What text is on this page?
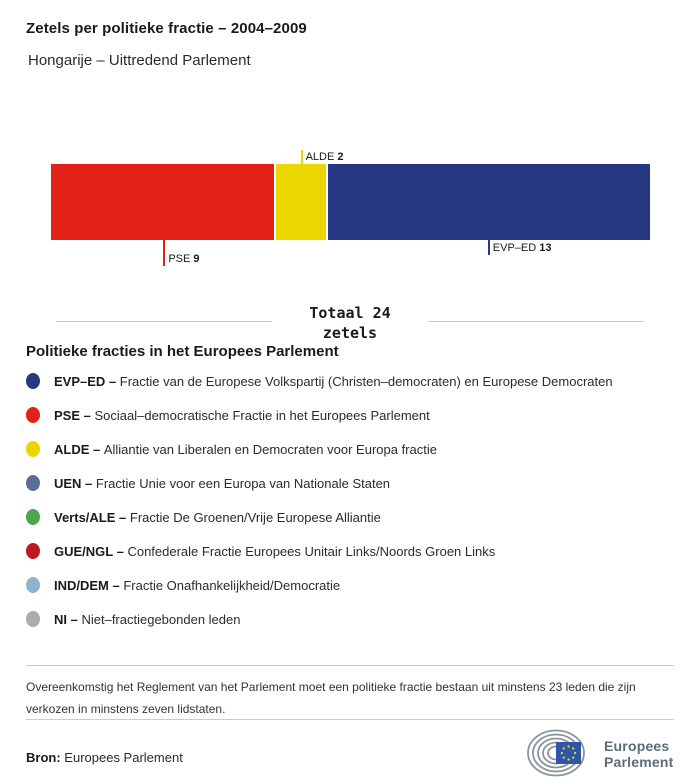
Zetels per politieke fractie – 2004–2009
Hongarije – Uittredend Parlement
PSE 9
ALDE 2
EVP–ED 13
Totaal 24
zetels
Politieke fracties in het Europees Parlement
EVP–ED – Fractie van de Europese Volkspartij (Christen–democraten) en Europese Democraten
PSE – Sociaal–democratische Fractie in het Europees Parlement
ALDE – Alliantie van Liberalen en Democraten voor Europa fractie
UEN – Fractie Unie voor een Europa van Nationale Staten
Verts/ALE – Fractie De Groenen/Vrije Europese Alliantie
GUE/NGL – Confederale Fractie Europees Unitair Links/Noords Groen Links
IND/DEM – Fractie Onafhankelijkheid/Democratie
NI – Niet–fractiegebonden leden
Overeenkomstig het Reglement van het Parlement moet een politieke fractie bestaan uit minstens 23 leden die zijn verkozen in minstens zeven lidstaten.
Bron: Europees Parlement
Europees
Parlement
